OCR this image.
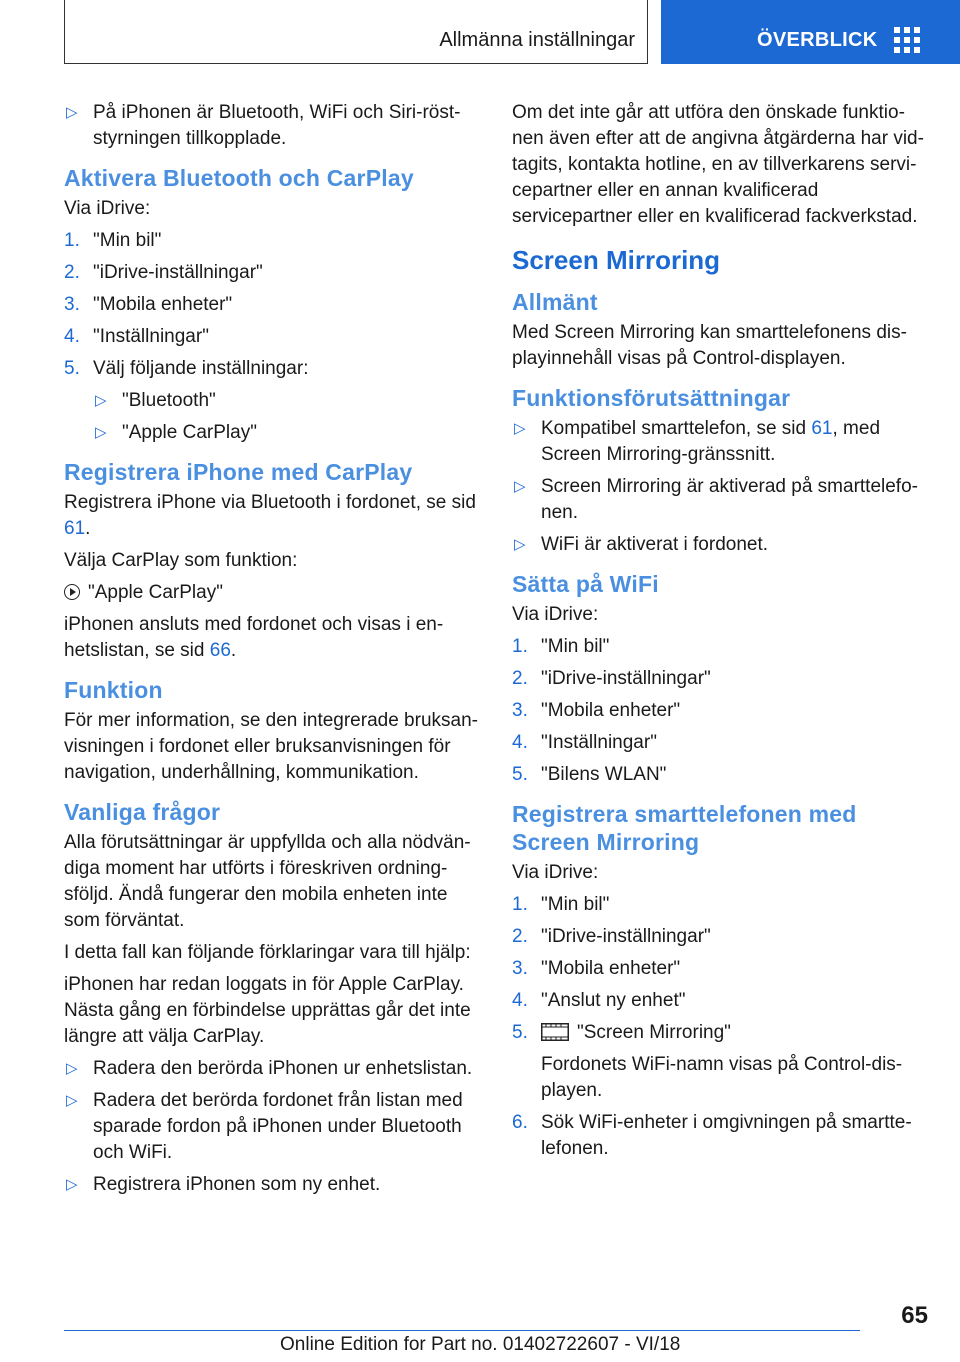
Allmänna inställningar	ÖVERBLICK
▷ På iPhonen är Bluetooth, WiFi och Siri-röst-styrningen tillkopplade.
Aktivera Bluetooth och CarPlay

Via iDrive:

1. "Min bil"
2. "iDrive-inställningar"
3. "Mobila enheter"
4. "Inställningar"
5. Välj följande inställningar:
▷ "Bluetooth"
▷ "Apple CarPlay"
Registrera iPhone med CarPlay

Registrera iPhone via Bluetooth i fordonet, se sid 61.

Välja CarPlay som funktion:

"Apple CarPlay"

iPhonen ansluts med fordonet och visas i en-hetslistan, se sid 66.

Funktion

För mer information, se den integrerade bruksan-visningen i fordonet eller bruksanvisningen för navigation, underhållning, kommunikation.

Vanliga frågor

Alla förutsättningar är uppfyllda och alla nödvän-diga moment har utförts i föreskriven ordning-sföljd. Ändå fungerar den mobila enheten inte som förväntat.

I detta fall kan följande förklaringar vara till hjälp:

iPhonen har redan loggats in för Apple CarPlay. Nästa gång en förbindelse upprättas går det inte längre att välja CarPlay.

▷ Radera den berörda iPhonen ur enhetslistan.
▷ Radera det berörda fordonet från listan med sparade fordon på iPhonen under Bluetooth och WiFi.
▷ Registrera iPhonen som ny enhet.

Om det inte går att utföra den önskade funktio-nen även efter att de angivna åtgärderna har vid-tagits, kontakta hotline, en av tillverkarens servi-cepartner eller en annan kvalificerad servicepartner eller en kvalificerad fackverkstad.

Screen Mirroring
Allmänt

Med Screen Mirroring kan smarttelefonens dis-playinnehåll visas på Control-displayen.

Funktionsförutsättningar
▷ Kompatibel smarttelefon, se sid 61, med Screen Mirroring-gränssnitt.
▷ Screen Mirroring är aktiverad på smarttelefo-nen.
▷ WiFi är aktiverat i fordonet.
Sätta på WiFi

Via iDrive:

1. "Min bil"
2. "iDrive-inställningar"
3. "Mobila enheter"
4. "Inställningar"
5. "Bilens WLAN"
Registrera smarttelefonen med Screen Mirroring

Via iDrive:

1. "Min bil"
2. "iDrive-inställningar"
3. "Mobila enheter"
4. "Anslut ny enhet"
5.	"Screen Mirroring"

Fordonets WiFi-namn visas på Control-dis-playen.

6. Sök WiFi-enheter i omgivningen på smartte-lefonen.
65
Online Edition for Part no. 01402722607 - VI/18
